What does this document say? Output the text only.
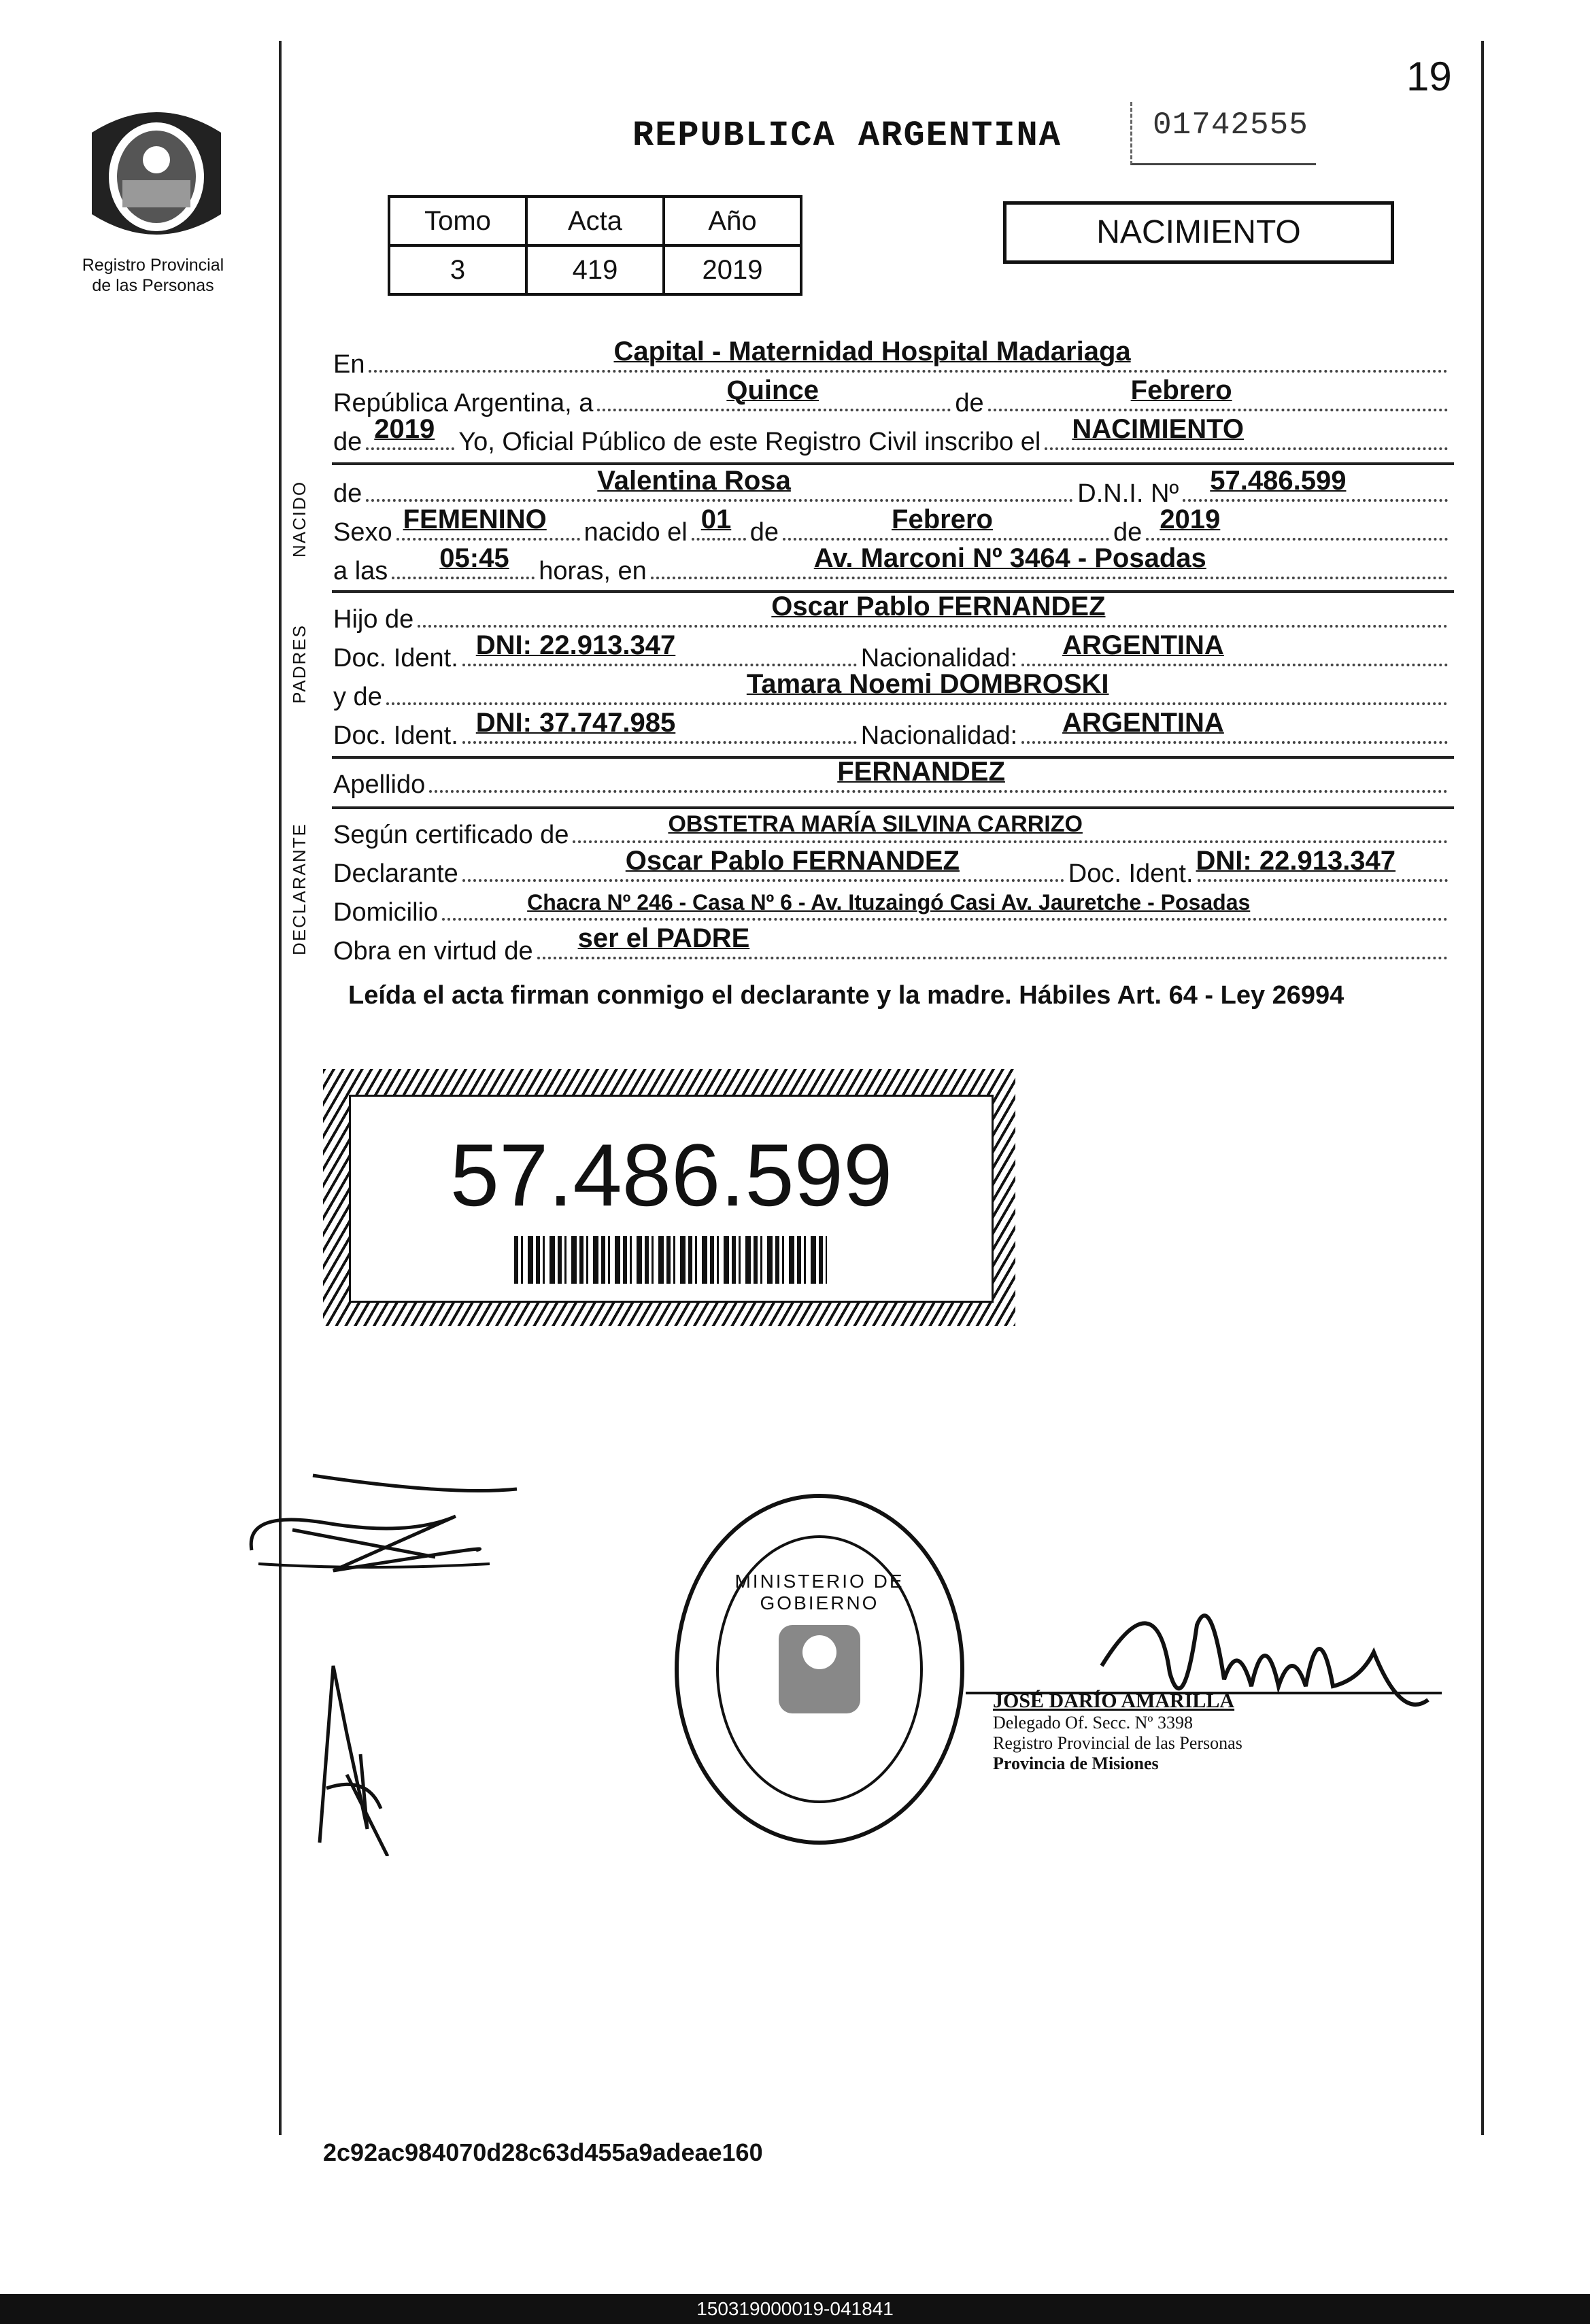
19
Registro Provincial
de las Personas
REPUBLICA ARGENTINA	01742555
Tomo	Acta	Año
3	419	2019
NACIMIENTO
En	Capital - Maternidad Hospital Madariaga
República Argentina, a	Quince	de	Febrero
de 2019 Yo, Oficial Público de este Registro Civil inscribo el NACIMIENTO
NACIDO de	Valentina Rosa	D.N.I. Nº 57.486.599
Sexo FEMENINO nacido el 01 de	Febrero	de 2019
a las 05:45 horas, en	Av. Marconi Nº 3464 - Posadas
PADRES
Hijo de	Oscar Pablo FERNANDEZ
Doc. Ident. DNI: 22.913.347	Nacionalidad: ARGENTINA
y de	Tamara Noemi DOMBROSKI
Doc. Ident. DNI: 37.747.985	Nacionalidad: ARGENTINA
Apellido	FERNANDEZ
DECLARANTE Según certificado de	OBSTETRA MARÍA SILVINA CARRIZO
Declarante	Oscar Pablo FERNANDEZ	Doc. Ident. DNI: 22.913.347
Domicilio	Chacra Nº 246 - Casa Nº 6 - Av. Ituzaingó Casi Av. Jauretche - Posadas
Obra en virtud de ser el PADRE
Leída el acta firman conmigo el declarante y la madre. Hábiles Art. 64 - Ley 26994
57.486.599
MINISTERIO DE GOBIERNO
JOSÉ DARÍO AMARILLA
Delegado Of. Secc. Nº 3398
Registro Provincial de las Personas
Provincia de Misiones
2c92ac984070d28c63d455a9adeae160
150319000019-041841
